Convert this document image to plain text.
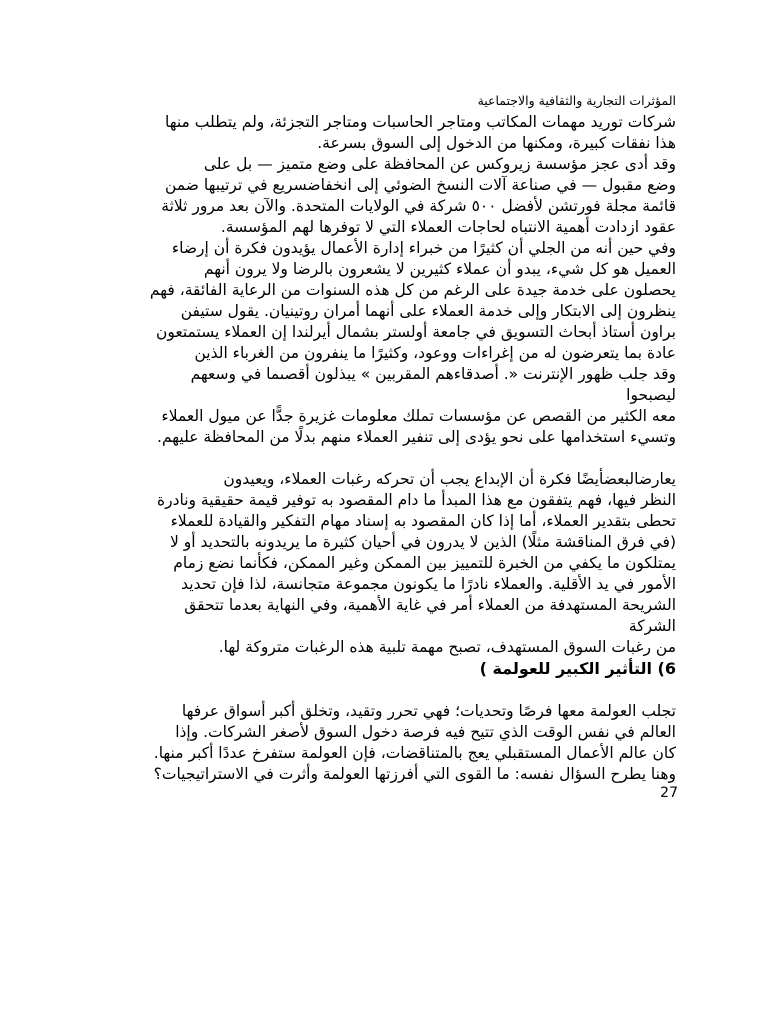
المؤثرات التجارية والثقافية والاجتماعية
شركات توريد مهمات المكاتب ومتاجر الحاسبات ومتاجر التجزئة، ولم يتطلب منها
هذا نفقات كبيرة، ومكنها من الدخول إلى السوق بسرعة.
وقد أدى عجز مؤسسة زيروكس عن المحافظة على وضع متميز — بل على
وضع مقبول — في صناعة آلات النسخ الضوئي إلى انخفاضسريع في ترتيبها ضمن
قائمة مجلة فورتشن لأفضل ٥٠٠ شركة في الولايات المتحدة. والآن بعد مرور ثلاثة
عقود ازدادت أهمية الانتباه لحاجات العملاء التي لا توفرها لهم المؤسسة.
وفي حين أنه من الجلي أن كثيرًا من خبراء إدارة الأعمال يؤيدون فكرة أن إرضاء
العميل هو كل شيء، يبدو أن عملاء كثيرين لا يشعرون بالرضا ولا يرون أنهم
يحصلون على خدمة جيدة على الرغم من كل هذه السنوات من الرعاية الفائقة، فهم
ينظرون إلى الابتكار وإلى خدمة العملاء على أنهما أمران روتينيان. يقول ستيفن
براون أستاذ أبحاث التسويق في جامعة أولستر بشمال أيرلندا إن العملاء يستمتعون
عادة بما يتعرضون له من إغراءات ووعود، وكثيرًا ما ينفرون من الغرباء الذين
وقد جلب ظهور الإنترنت «. أصدقاءهم المقربين » يبذلون أقصىما في وسعهم
ليصبحوا
معه الكثير من القصص عن مؤسسات تملك معلومات غزيرة جدًّا عن ميول العملاء
وتسيء استخدامها على نحو يؤدى إلى تنفير العملاء منهم بدلًا من المحافظة عليهم.
يعارضالبعضأيضًا فكرة أن الإبداع يجب أن تحركه رغبات العملاء، ويعيدون
النظر فيها، فهم يتفقون مع هذا المبدأ ما دام المقصود به توفير قيمة حقيقية ونادرة
تحطى بتقدير العملاء، أما إذا كان المقصود به إسناد مهام التفكير والقيادة للعملاء
(في فرق المناقشة مثلًا) الذين لا يدرون في أحيان كثيرة ما يريدونه بالتحديد أو لا
يمتلكون ما يكفي من الخبرة للتمييز بين الممكن وغير الممكن، فكأنما نضع زمام
الأمور في يد الأقلية. والعملاء نادرًا ما يكونون مجموعة متجانسة، لذا فإن تحديد
الشريحة المستهدفة من العملاء أمر في غاية الأهمية، وفي النهاية بعدما تتحقق
الشركة
من رغبات السوق المستهدف، تصبح مهمة تلبية هذه الرغبات متروكة لها.
6) التأثير الكبير للعولمة )
تجلب العولمة معها فرصًا وتحديات؛ فهي تحرر وتقيد، وتخلق أكبر أسواق عرفها
العالم في نفس الوقت الذي تتيح فيه فرصة دخول السوق لأصغر الشركات. وإذا
كان عالم الأعمال المستقبلي يعج بالمتناقضات، فإن العولمة ستفرخ عددًا أكبر منها.
وهنا يطرح السؤال نفسه: ما القوى التي أفرزتها العولمة وأثرت في الاستراتيجيات؟
27
